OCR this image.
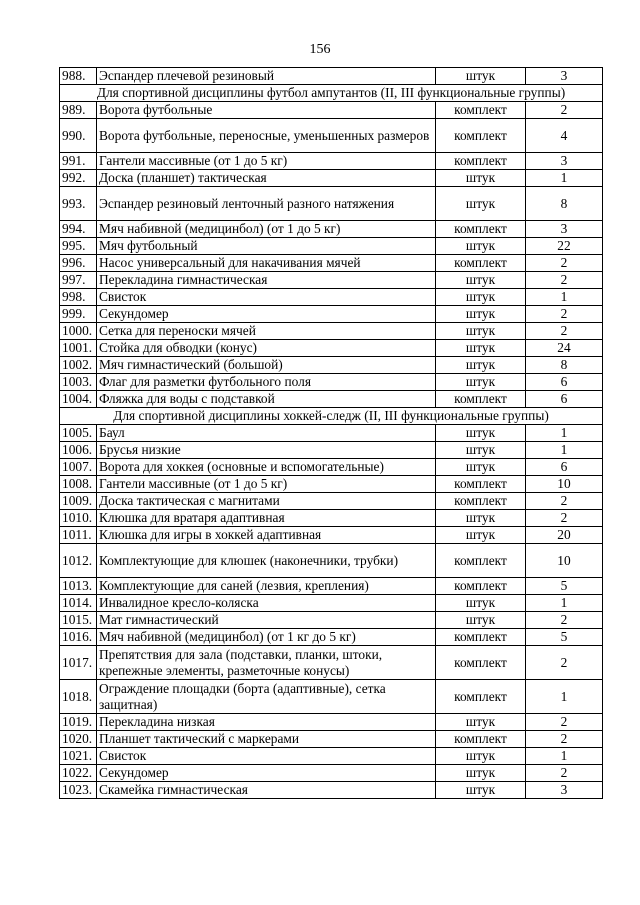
156
988.	Эспандер плечевой резиновый	штук	3
Для спортивной дисциплины футбол ампутантов (II, III функциональные группы)			
989.	Ворота футбольные	комплект	2
990.	Ворота футбольные, переносные, уменьшенных размеров	комплект	4
991.	Гантели массивные (от 1 до 5 кг)	комплект	3
992.	Доска (планшет) тактическая	штук	1
993.	Эспандер резиновый ленточный разного натяжения	штук	8
994.	Мяч набивной (медицинбол) (от 1 до 5 кг)	комплект	3
995.	Мяч футбольный	штук	22
996.	Насос универсальный для накачивания мячей	комплект	2
997.	Перекладина гимнастическая	штук	2
998.	Свисток	штук	1
999.	Секундомер	штук	2
1000.	Сетка для переноски мячей	штук	2
1001.	Стойка для обводки (конус)	штук	24
1002.	Мяч гимнастический (большой)	штук	8
1003.	Флаг для разметки футбольного поля	штук	6
1004.	Фляжка для воды с подставкой	комплект	6
Для спортивной дисциплины хоккей-следж (II, III функциональные группы)			
1005.	Баул	штук	1
1006.	Брусья низкие	штук	1
1007.	Ворота для хоккея (основные и вспомогательные)	штук	6
1008.	Гантели массивные (от 1 до 5 кг)	комплект	10
1009.	Доска тактическая с магнитами	комплект	2
1010.	Клюшка для вратаря адаптивная	штук	2
1011.	Клюшка для игры в хоккей адаптивная	штук	20
1012.	Комплектующие для клюшек (наконечники, трубки)	комплект	10
1013.	Комплектующие для саней (лезвия, крепления)	комплект	5
1014.	Инвалидное кресло-коляска	штук	1
1015.	Мат гимнастический	штук	2
1016.	Мяч набивной (медицинбол) (от 1 кг до 5 кг)	комплект	5
1017.	Препятствия для зала (подставки, планки, штоки, крепежные элементы, разметочные конусы)	комплект	2
1018.	Ограждение площадки (борта (адаптивные), сетка защитная)	комплект	1
1019.	Перекладина низкая	штук	2
1020.	Планшет тактический с маркерами	комплект	2
1021.	Свисток	штук	1
1022.	Секундомер	штук	2
1023.	Скамейка гимнастическая	штук	3
